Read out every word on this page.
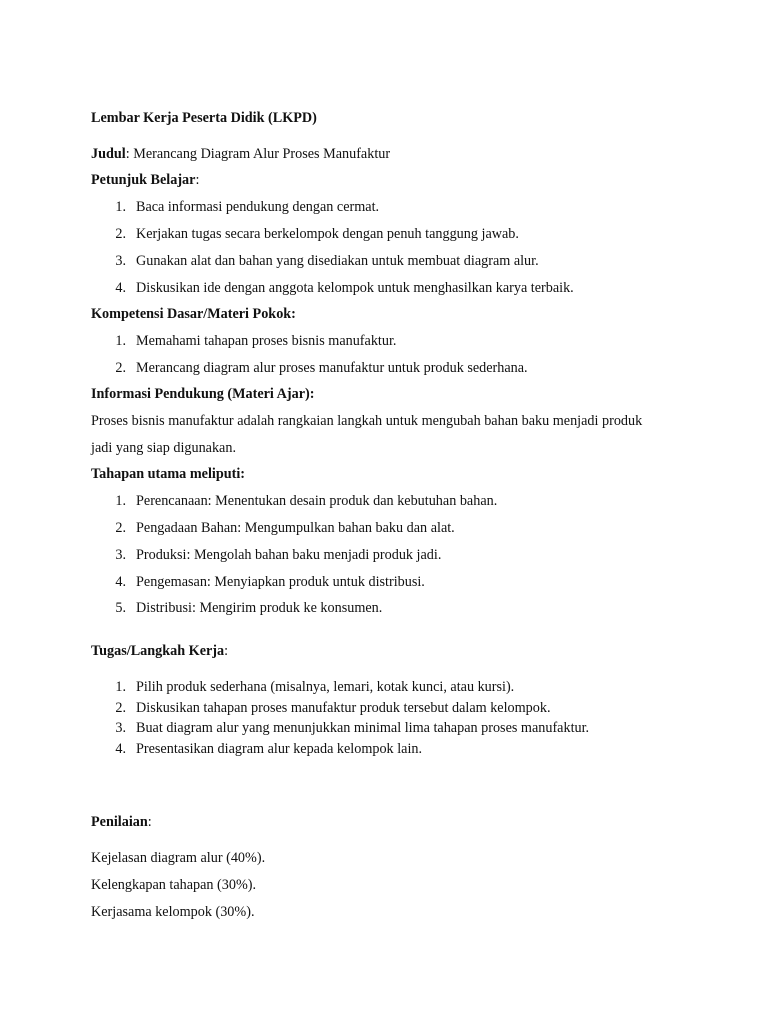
Lembar Kerja Peserta Didik (LKPD)
Judul: Merancang Diagram Alur Proses Manufaktur
Petunjuk Belajar:
1. Baca informasi pendukung dengan cermat.
2. Kerjakan tugas secara berkelompok dengan penuh tanggung jawab.
3. Gunakan alat dan bahan yang disediakan untuk membuat diagram alur.
4. Diskusikan ide dengan anggota kelompok untuk menghasilkan karya terbaik.
Kompetensi Dasar/Materi Pokok:
1. Memahami tahapan proses bisnis manufaktur.
2. Merancang diagram alur proses manufaktur untuk produk sederhana.
Informasi Pendukung (Materi Ajar):
Proses bisnis manufaktur adalah rangkaian langkah untuk mengubah bahan baku menjadi produk
jadi yang siap digunakan.
Tahapan utama meliputi:
1. Perencanaan: Menentukan desain produk dan kebutuhan bahan.
2. Pengadaan Bahan: Mengumpulkan bahan baku dan alat.
3. Produksi: Mengolah bahan baku menjadi produk jadi.
4. Pengemasan: Menyiapkan produk untuk distribusi.
5. Distribusi: Mengirim produk ke konsumen.
Tugas/Langkah Kerja:
1. Pilih produk sederhana (misalnya, lemari, kotak kunci, atau kursi).
2. Diskusikan tahapan proses manufaktur produk tersebut dalam kelompok.
3. Buat diagram alur yang menunjukkan minimal lima tahapan proses manufaktur.
4. Presentasikan diagram alur kepada kelompok lain.
Penilaian:
Kejelasan diagram alur (40%).
Kelengkapan tahapan (30%).
Kerjasama kelompok (30%).
